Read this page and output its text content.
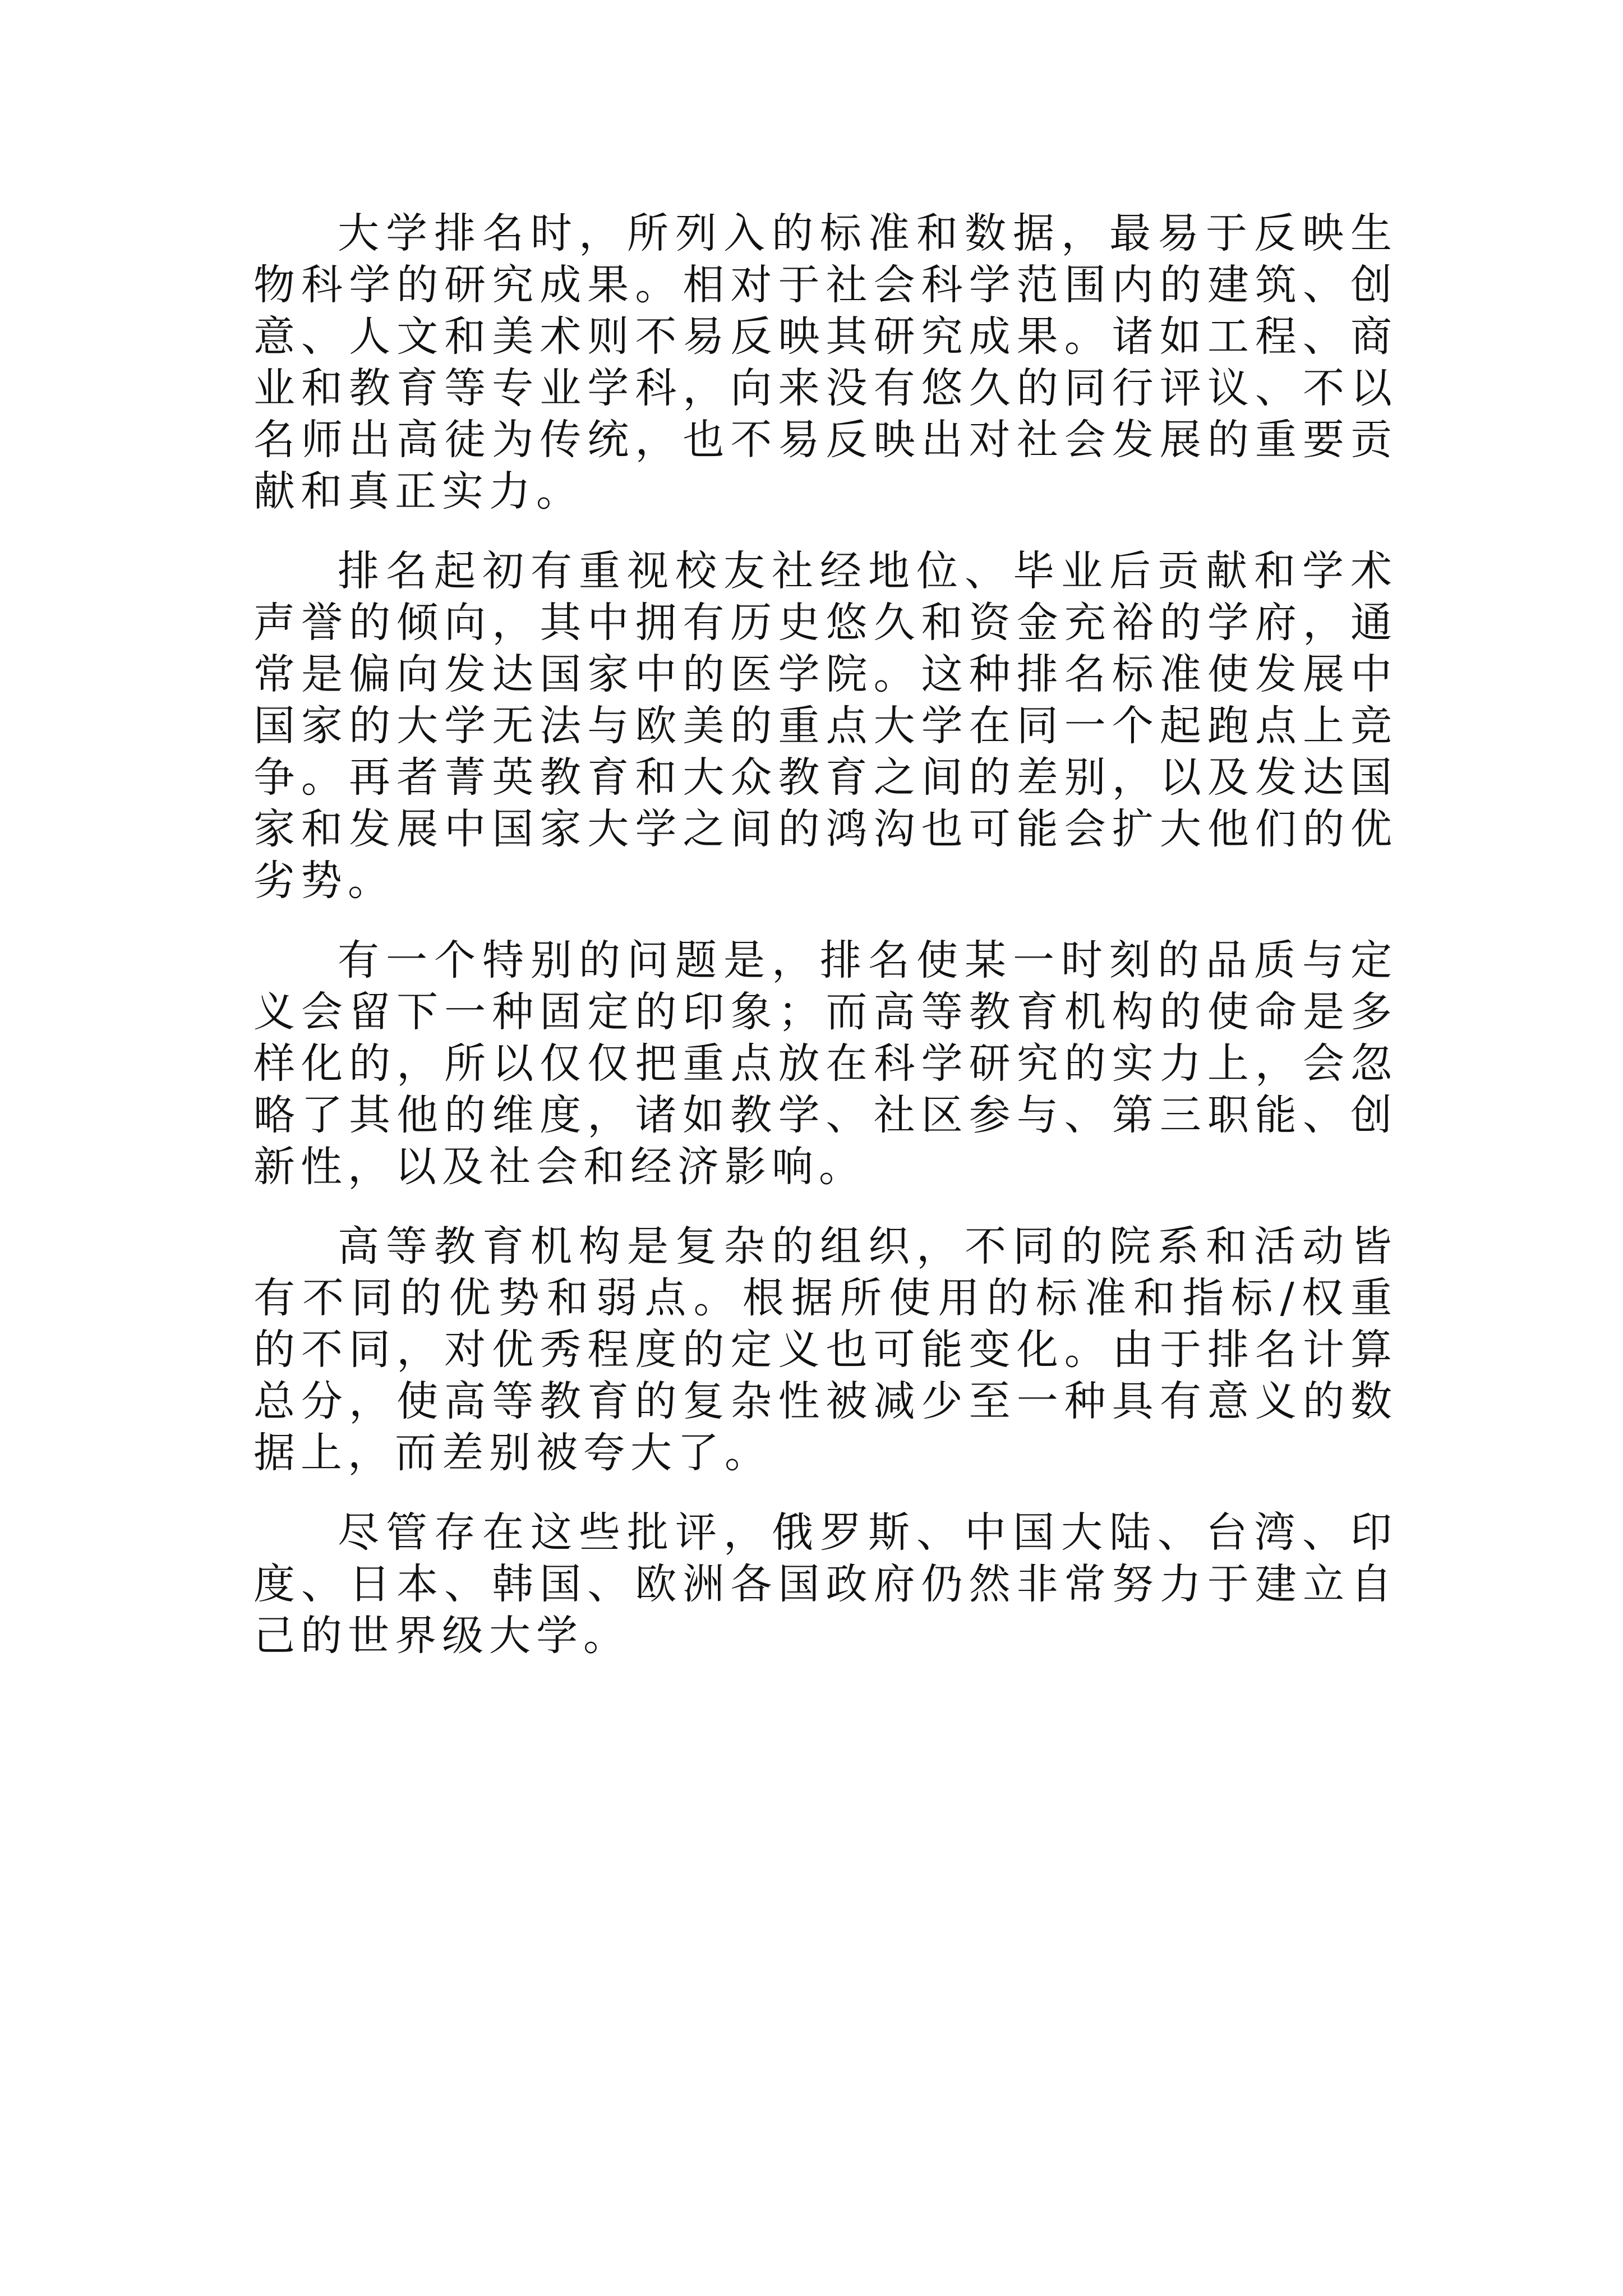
大学排名时，所列入的标准和数据，最易于反映生物科学的研究成果。相对于社会科学范围内的建筑、创意、人文和美术则不易反映其研究成果。诸如工程、商业和教育等专业学科，向来没有悠久的同行评议、不以名师出高徒为传统，也不易反映出对社会发展的重要贡献和真正实力。

排名起初有重视校友社经地位、毕业后贡献和学术声誉的倾向，其中拥有历史悠久和资金充裕的学府，通常是偏向发达国家中的医学院。这种排名标准使发展中国家的大学无法与欧美的重点大学在同一个起跑点上竞争。再者菁英教育和大众教育之间的差别，以及发达国家和发展中国家大学之间的鸿沟也可能会扩大他们的优劣势。

有一个特别的问题是，排名使某一时刻的品质与定义会留下一种固定的印象；而高等教育机构的使命是多样化的，所以仅仅把重点放在科学研究的实力上，会忽略了其他的维度，诸如教学、社区参与、第三职能、创新性，以及社会和经济影响。

高等教育机构是复杂的组织，不同的院系和活动皆有不同的优势和弱点。根据所使用的标准和指标/权重的不同，对优秀程度的定义也可能变化。由于排名计算总分，使高等教育的复杂性被减少至一种具有意义的数据上，而差别被夸大了。

尽管存在这些批评，俄罗斯、中国大陆、台湾、印度、日本、韩国、欧洲各国政府仍然非常努力于建立自己的世界级大学。
